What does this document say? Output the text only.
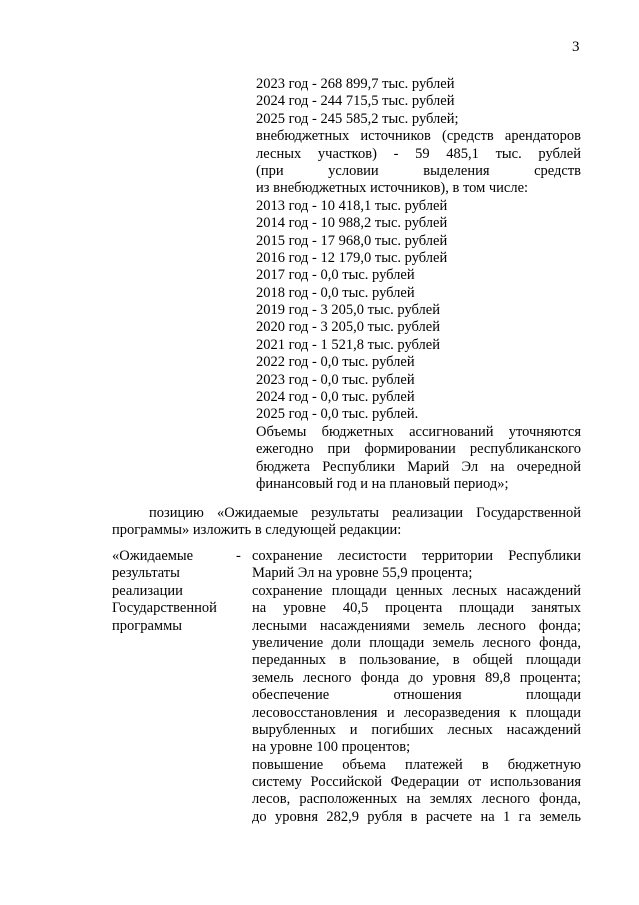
3
2023 год - 268 899,7 тыс. рублей
2024 год - 244 715,5 тыс. рублей
2025 год - 245 585,2 тыс. рублей;
внебюджетных источников (средств арендаторов
лесных участков) - 59 485,1 тыс. рублей
(при условии выделения средств
из внебюджетных источников), в том числе:
2013 год - 10 418,1 тыс. рублей
2014 год - 10 988,2 тыс. рублей
2015 год - 17 968,0 тыс. рублей
2016 год - 12 179,0 тыс. рублей
2017 год - 0,0 тыс. рублей
2018 год - 0,0 тыс. рублей
2019 год - 3 205,0 тыс. рублей
2020 год - 3 205,0 тыс. рублей
2021 год - 1 521,8 тыс. рублей
2022 год - 0,0 тыс. рублей
2023 год - 0,0 тыс. рублей
2024 год - 0,0 тыс. рублей
2025 год - 0,0 тыс. рублей.
Объемы бюджетных ассигнований уточняются
ежегодно при формировании республиканского
бюджета Республики Марий Эл на очередной
финансовый год и на плановый период»;
позицию «Ожидаемые результаты реализации Государственной
программы» изложить в следующей редакции:
«Ожидаемые
результаты
реализации
Государственной
программы
- сохранение лесистости территории Республики
Марий Эл на уровне 55,9 процента;
сохранение площади ценных лесных насаждений
на уровне 40,5 процента площади занятых
лесными насаждениями земель лесного фонда;
увеличение доли площади земель лесного фонда,
переданных в пользование, в общей площади
земель лесного фонда до уровня 89,8 процента;
обеспечение отношения площади
лесовосстановления и лесоразведения к площади
вырубленных и погибших лесных насаждений
на уровне 100 процентов;
повышение объема платежей в бюджетную
систему Российской Федерации от использования
лесов, расположенных на землях лесного фонда,
до уровня 282,9 рубля в расчете на 1 га земель
